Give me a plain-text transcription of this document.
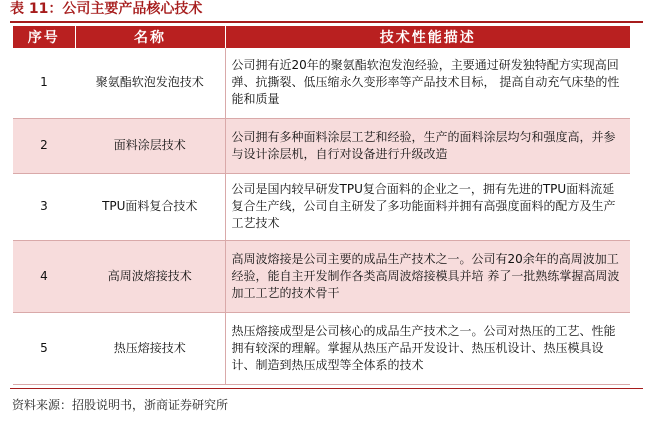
表 11：公司主要产品核心技术
序号	名称	技术性能描述
1	聚氨酯软泡发泡技术	公司拥有近20年的聚氨酯软泡发泡经验，主要通过研发独特配方实现高回弹、抗撕裂、低压缩永久变形率等产品技术目标， 提高自动充气床垫的性能和质量
2	面料涂层技术	公司拥有多种面料涂层工艺和经验，生产的面料涂层均匀和强度高，并参与设计涂层机，自行对设备进行升级改造
3	TPU面料复合技术	公司是国内较早研发TPU复合面料的企业之一，拥有先进的TPU面料流延复合生产线，公司自主研发了多功能面料并拥有高强度面料的配方及生产工艺技术
4	高周波熔接技术	高周波熔接是公司主要的成品生产技术之一。公司有20余年的高周波加工经验，能自主开发制作各类高周波熔接模具并培 养了一批熟练掌握高周波加工工艺的技术骨干
5	热压熔接技术	热压熔接成型是公司核心的成品生产技术之一。公司对热压的工艺、性能拥有较深的理解。掌握从热压产品开发设计、热压机设计、热压模具设计、制造到热压成型等全体系的技术
资料来源：招股说明书，浙商证券研究所
